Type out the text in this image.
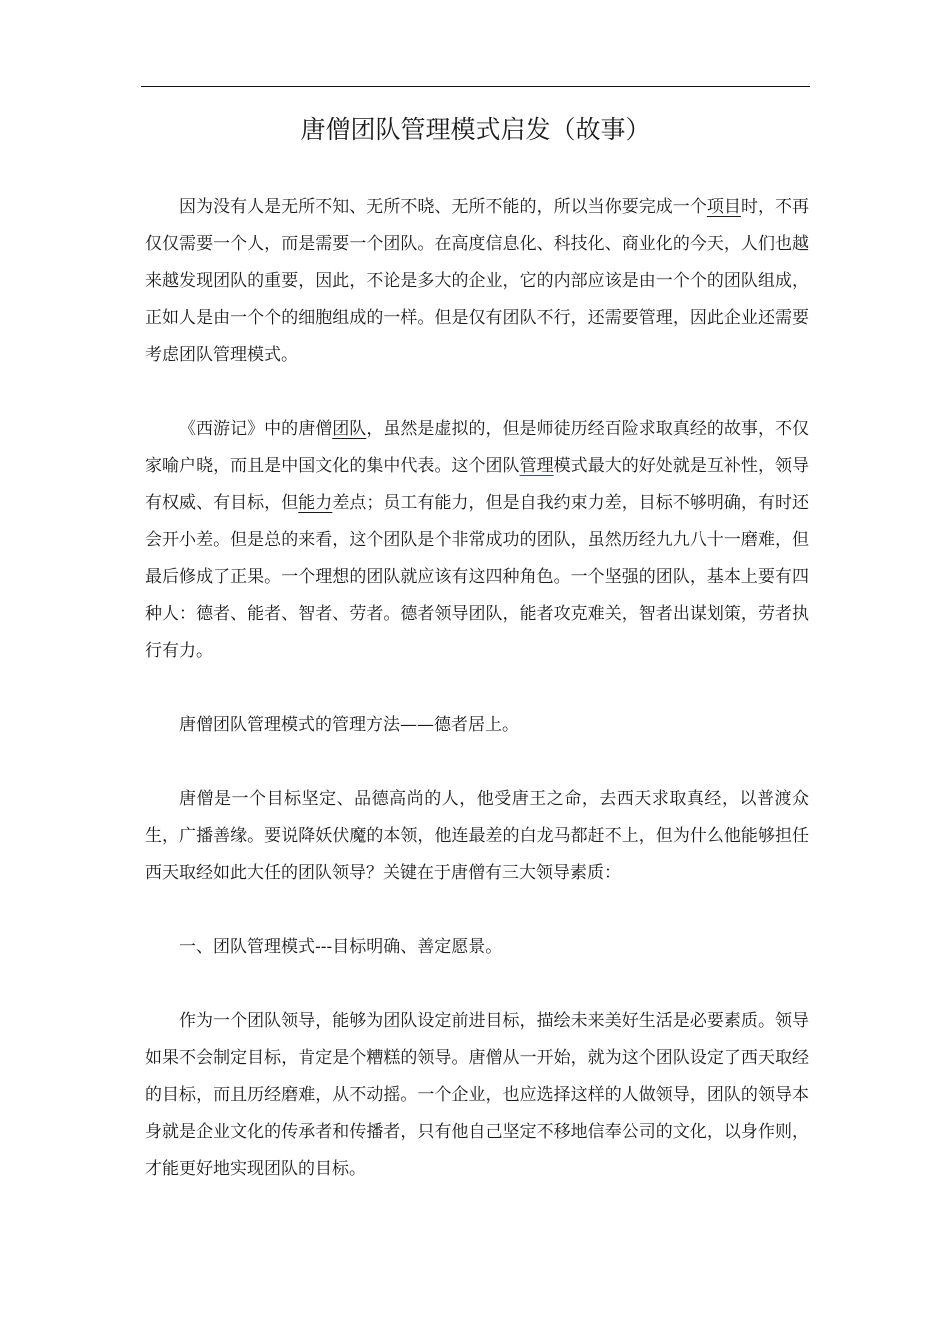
唐僧团队管理模式启发（故事）

因为没有人是无所不知、无所不晓、无所不能的，所以当你要完成一个项目时，不再仅仅需要一个人，而是需要一个团队。在高度信息化、科技化、商业化的今天，人们也越来越发现团队的重要，因此，不论是多大的企业，它的内部应该是由一个个的团队组成，正如人是由一个个的细胞组成的一样。但是仅有团队不行，还需要管理，因此企业还需要考虑团队管理模式。

《西游记》中的唐僧团队，虽然是虚拟的，但是师徒历经百险求取真经的故事，不仅家喻户晓，而且是中国文化的集中代表。这个团队管理模式最大的好处就是互补性，领导有权威、有目标，但能力差点；员工有能力，但是自我约束力差，目标不够明确，有时还会开小差。但是总的来看，这个团队是个非常成功的团队，虽然历经九九八十一磨难，但最后修成了正果。一个理想的团队就应该有这四种角色。一个坚强的团队，基本上要有四种人：德者、能者、智者、劳者。德者领导团队，能者攻克难关，智者出谋划策，劳者执行有力。

唐僧团队管理模式的管理方法——德者居上。

唐僧是一个目标坚定、品德高尚的人，他受唐王之命，去西天求取真经，以普渡众生，广播善缘。要说降妖伏魔的本领，他连最差的白龙马都赶不上，但为什么他能够担任西天取经如此大任的团队领导？关键在于唐僧有三大领导素质：

一、团队管理模式---目标明确、善定愿景。

作为一个团队领导，能够为团队设定前进目标，描绘未来美好生活是必要素质。领导如果不会制定目标，肯定是个糟糕的领导。唐僧从一开始，就为这个团队设定了西天取经的目标，而且历经磨难，从不动摇。一个企业，也应选择这样的人做领导，团队的领导本身就是企业文化的传承者和传播者，只有他自己坚定不移地信奉公司的文化，以身作则，才能更好地实现团队的目标。
